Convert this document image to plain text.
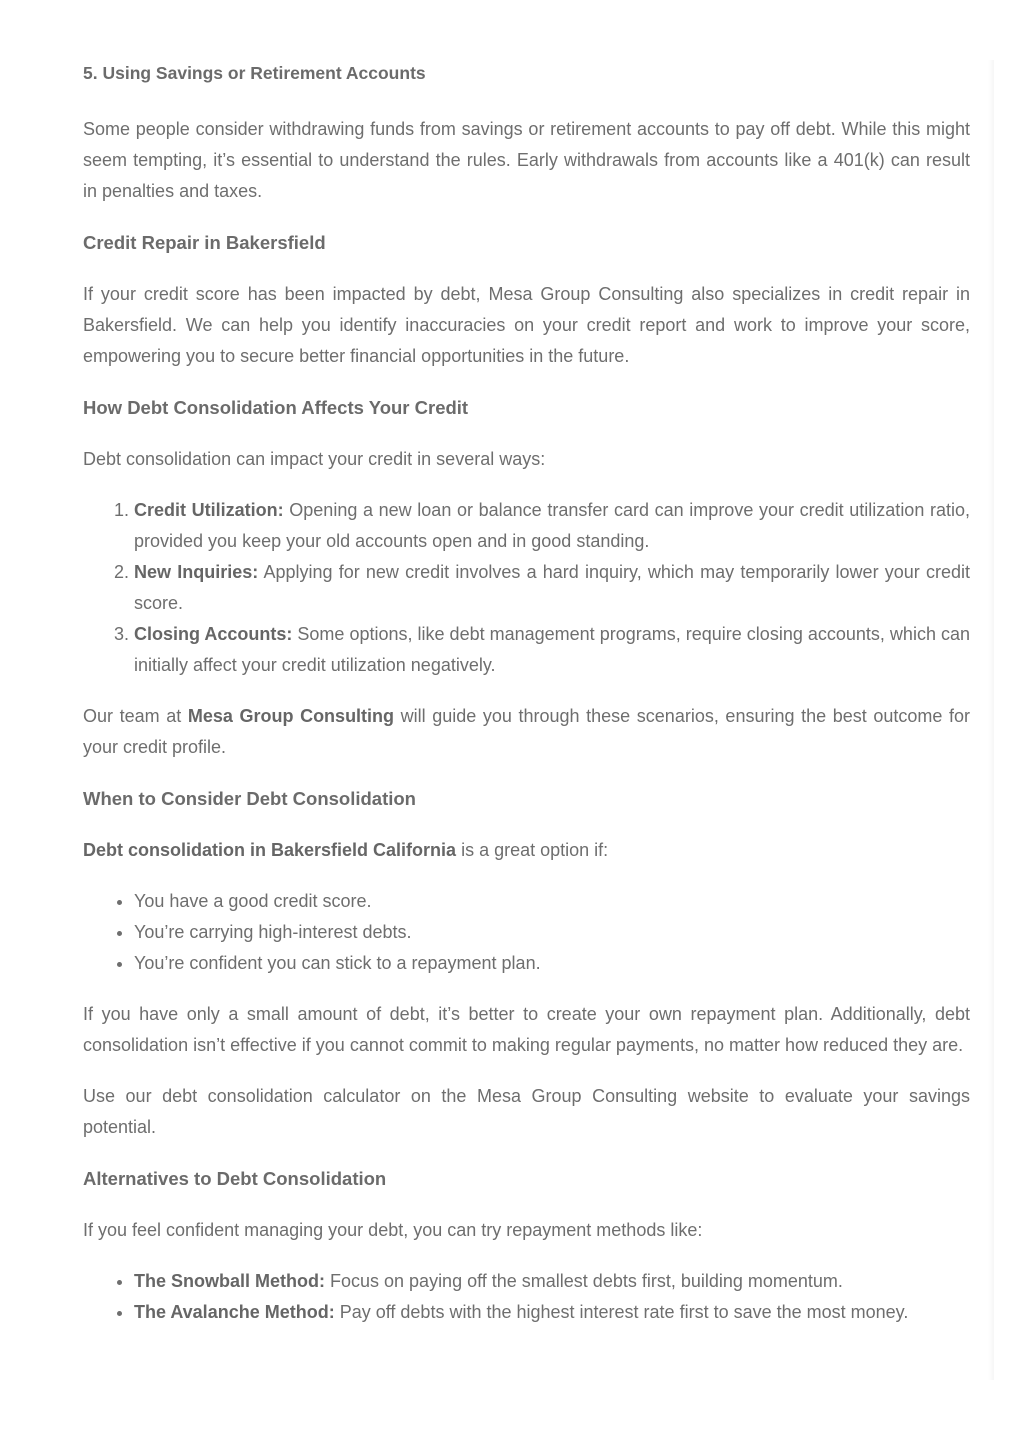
5. Using Savings or Retirement Accounts

Some people consider withdrawing funds from savings or retirement accounts to pay off debt. While this might seem tempting, it’s essential to understand the rules. Early withdrawals from accounts like a 401(k) can result in penalties and taxes.

Credit Repair in Bakersfield

If your credit score has been impacted by debt, Mesa Group Consulting also specializes in credit repair in Bakersfield. We can help you identify inaccuracies on your credit report and work to improve your score, empowering you to secure better financial opportunities in the future.

How Debt Consolidation Affects Your Credit

Debt consolidation can impact your credit in several ways:

1. Credit Utilization: Opening a new loan or balance transfer card can improve your credit utilization ratio, provided you keep your old accounts open and in good standing.
2. New Inquiries: Applying for new credit involves a hard inquiry, which may temporarily lower your credit score.
3. Closing Accounts: Some options, like debt management programs, require closing accounts, which can initially affect your credit utilization negatively.

Our team at Mesa Group Consulting will guide you through these scenarios, ensuring the best outcome for your credit profile.

When to Consider Debt Consolidation

Debt consolidation in Bakersfield California is a great option if:

• You have a good credit score.
• You’re carrying high-interest debts.
• You’re confident you can stick to a repayment plan.

If you have only a small amount of debt, it’s better to create your own repayment plan. Additionally, debt consolidation isn’t effective if you cannot commit to making regular payments, no matter how reduced they are.

Use our debt consolidation calculator on the Mesa Group Consulting website to evaluate your savings potential.

Alternatives to Debt Consolidation

If you feel confident managing your debt, you can try repayment methods like:

• The Snowball Method: Focus on paying off the smallest debts first, building momentum.
• The Avalanche Method: Pay off debts with the highest interest rate first to save the most money.
